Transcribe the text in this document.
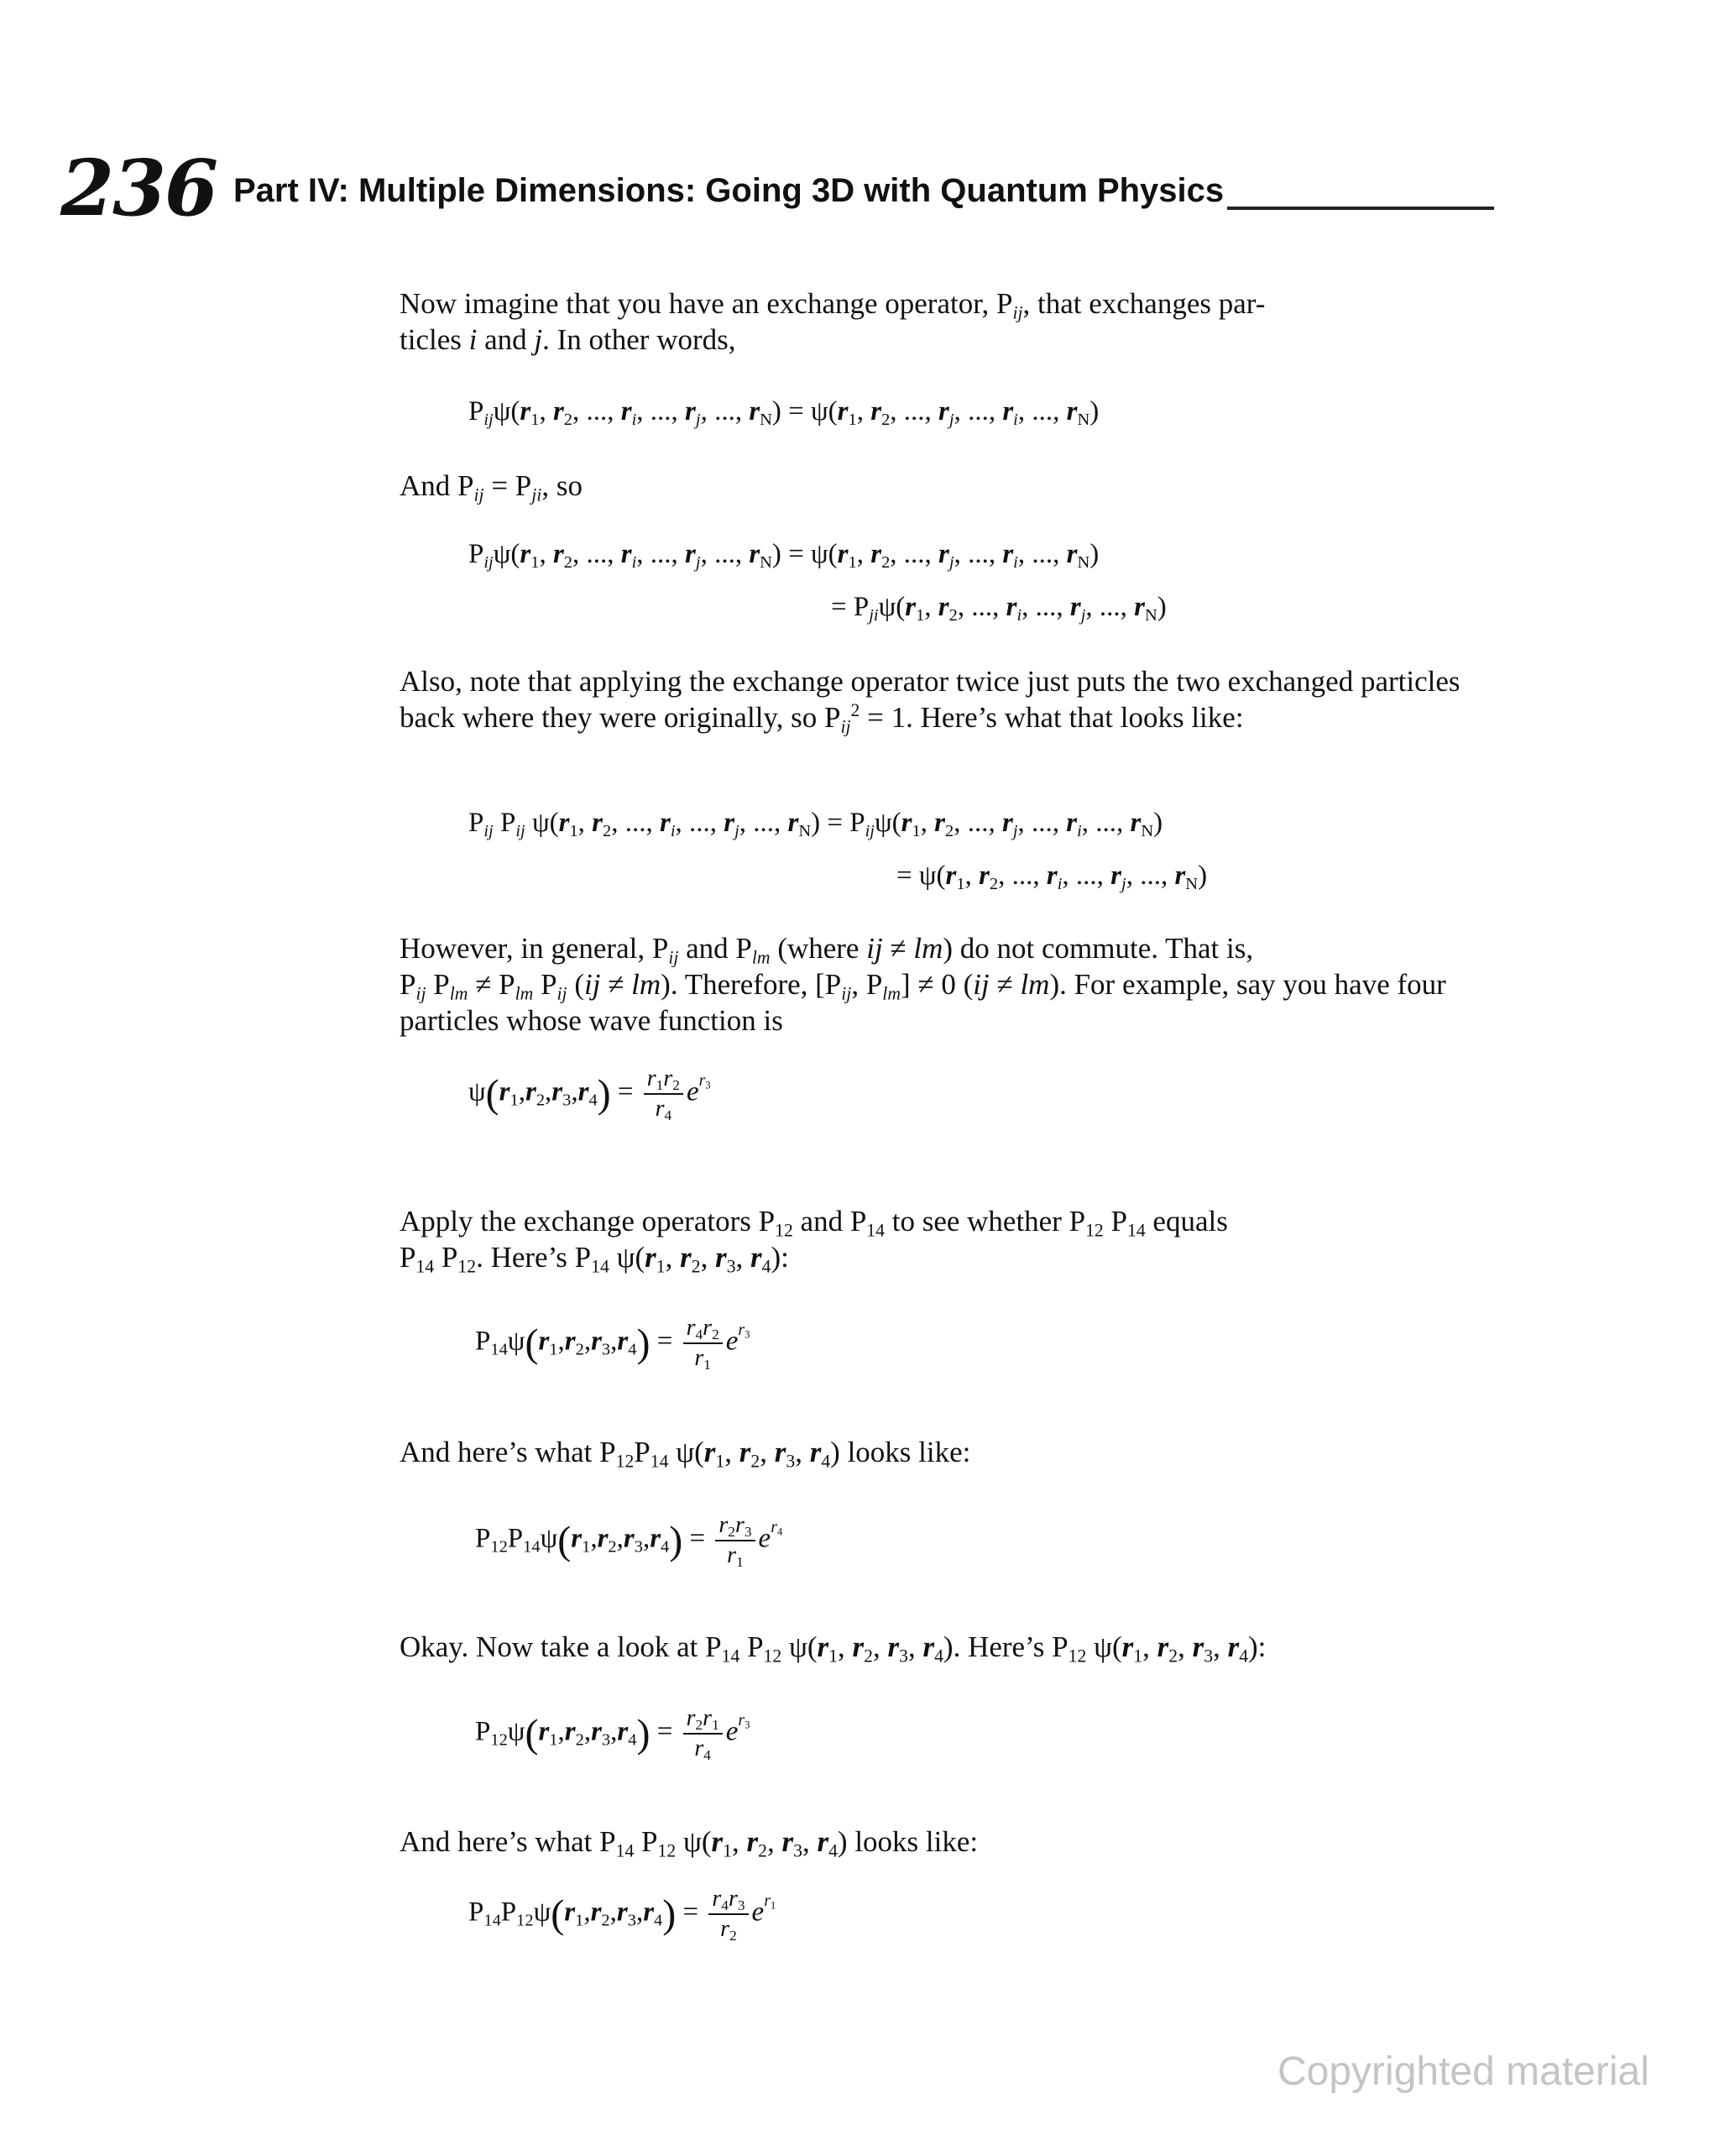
236 Part IV: Multiple Dimensions: Going 3D with Quantum Physics
Now imagine that you have an exchange operator, $P_{ij}$, that exchanges par-
ticles i and j. In other words,
$P_{ij}\psi(r_1$, $r_2$, ..., $r_i$, ..., $r_j$, ..., $r_N) = \psi(r_1$, $r_2$, ..., $r_j$, ..., $r_i$, ..., $r_N$)
And $P_{ij} = P_{ji}$, so
$P_{ij}\psi(r_1$, $r_2$, ..., $r_i$, ..., $r_j$, ..., $r_N) = \psi(r_1$, $r_2$, ..., $r_j$, ..., $r_i$, ..., $r_N$)
= $P_{ji}\psi(r_1$, $r_2$, ..., $r_i$, ..., $r_j$, ..., $r_N$)
Also, note that applying the exchange operator twice just puts the two exchanged particles back where they were originally, so $P_{ij}^2 = 1$. Here’s what that looks like:
$P_{ij}$ $P_{ij}$ $\psi(r_1$, $r_2$, ..., $r_i$, ..., $r_j$, ..., $r_N) = P_{ij}\psi(r_1$, $r_2$, ..., $r_j$, ..., $r_i$, ..., $r_N$)
= $\psi(r_1$, $r_2$, ..., $r_i$, ..., $r_j$, ..., $r_N$)
However, in general, $P_{ij}$ and $P_{lm}$ (where ij ≠ lm) do not commute. That is,
$P_{ij}$ $P_{lm} \ne P_{lm}$ $P_{ij}$ (ij ≠ lm). Therefore, [$P_{ij}$, $P_{lm}] \ne 0$ (ij ≠ lm). For example, say you have four particles whose wave function is
$\psi(r_1,r_2,r_3,r_4) = \frac{r_1r_2}{r_4} e^{r_3}$
Apply the exchange operators $P_{12}$ and $P_{14}$ to see whether $P_{12}$ $P_{14}$ equals
$P_{14}$ $P_{12}$. Here’s $P_{14}$ $\psi(r_1$, $r_2$, $r_3$, $r_4$):
$P_{14}\psi(r_1,r_2,r_3,r_4) = \frac{r_4r_2}{r_1} e^{r_3}$
And here’s what $P_{12}P_{14}$ $\psi(r_1$, $r_2$, $r_3$, $r_4$) looks like:
$P_{12}P_{14}\psi(r_1,r_2,r_3,r_4) = \frac{r_2r_3}{r_1} e^{r_4}$
Okay. Now take a look at $P_{14}$ $P_{12}$ $\psi(r_1$, $r_2$, $r_3$, $r_4$). Here’s $P_{12}$ $\psi(r_1$, $r_2$, $r_3$, $r_4$):
$P_{12}\psi(r_1,r_2,r_3,r_4) = \frac{r_2r_1}{r_4} e^{r_3}$
And here’s what $P_{14}$ $P_{12}$ $\psi(r_1$, $r_2$, $r_3$, $r_4$) looks like:
$P_{14}P_{12}\psi(r_1,r_2,r_3,r_4) = \frac{r_4r_3}{r_2} e^{r_1}$
Copyrighted material
